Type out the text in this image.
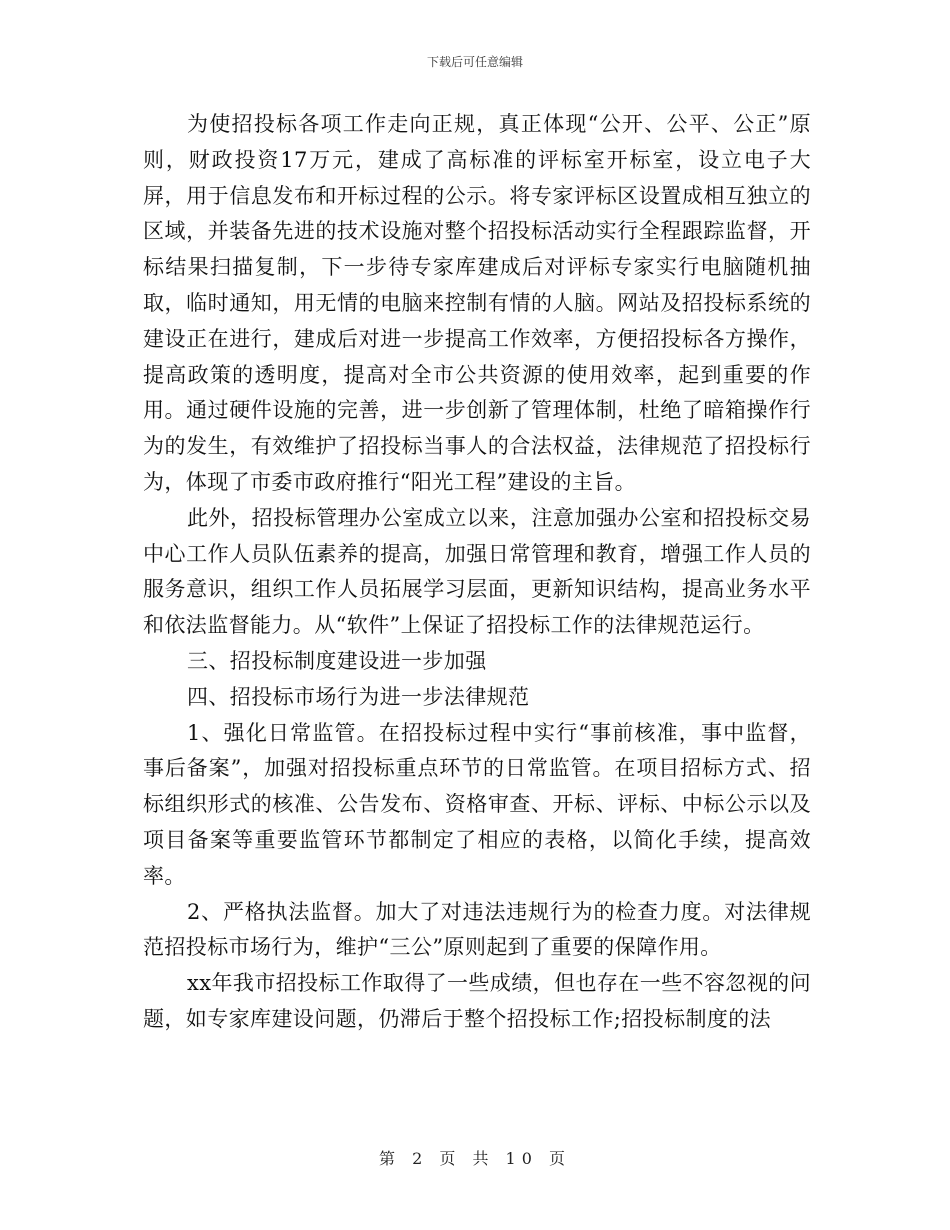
下载后可任意编辑

为使招投标各项工作走向正规，真正体现“公开、公平、公正”原则，财政投资17万元，建成了高标准的评标室开标室，设立电子大屏，用于信息发布和开标过程的公示。将专家评标区设置成相互独立的区域，并装备先进的技术设施对整个招投标活动实行全程跟踪监督，开标结果扫描复制，下一步待专家库建成后对评标专家实行电脑随机抽取，临时通知，用无情的电脑来控制有情的人脑。网站及招投标系统的建设正在进行，建成后对进一步提高工作效率，方便招投标各方操作，提高政策的透明度，提高对全市公共资源的使用效率，起到重要的作用。通过硬件设施的完善，进一步创新了管理体制，杜绝了暗箱操作行为的发生，有效维护了招投标当事人的合法权益，法律规范了招投标行为，体现了市委市政府推行“阳光工程”建设的主旨。

此外，招投标管理办公室成立以来，注意加强办公室和招投标交易中心工作人员队伍素养的提高，加强日常管理和教育，增强工作人员的服务意识，组织工作人员拓展学习层面，更新知识结构，提高业务水平和依法监督能力。从“软件”上保证了招投标工作的法律规范运行。

三、招投标制度建设进一步加强

四、招投标市场行为进一步法律规范

1、强化日常监管。在招投标过程中实行“事前核准，事中监督，事后备案”，加强对招投标重点环节的日常监管。在项目招标方式、招标组织形式的核准、公告发布、资格审查、开标、评标、中标公示以及项目备案等重要监管环节都制定了相应的表格，以简化手续，提高效率。

2、严格执法监督。加大了对违法违规行为的检查力度。对法律规范招投标市场行为，维护“三公”原则起到了重要的保障作用。

xx年我市招投标工作取得了一些成绩，但也存在一些不容忽视的问题，如专家库建设问题，仍滞后于整个招投标工作;招投标制度的法

第 2 页 共 10 页
